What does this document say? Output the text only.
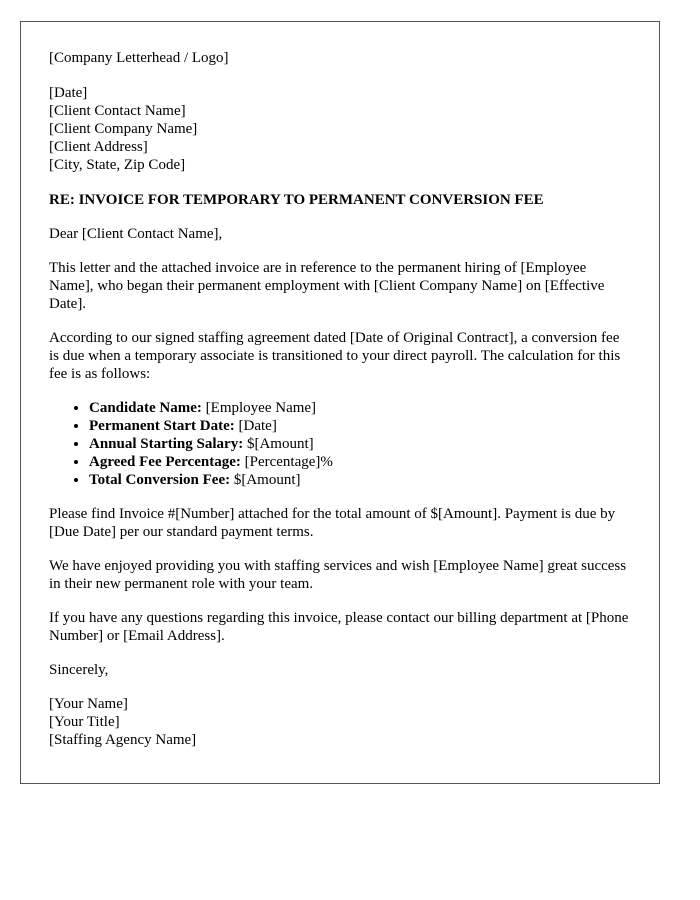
[Company Letterhead / Logo]

[Date]
[Client Contact Name]
[Client Company Name]
[Client Address]
[City, State, Zip Code]

RE: INVOICE FOR TEMPORARY TO PERMANENT CONVERSION FEE

Dear [Client Contact Name],

This letter and the attached invoice are in reference to the permanent hiring of [Employee Name], who began their permanent employment with [Client Company Name] on [Effective Date].

According to our signed staffing agreement dated [Date of Original Contract], a conversion fee is due when a temporary associate is transitioned to your direct payroll. The calculation for this fee is as follows:

• Candidate Name: [Employee Name]
• Permanent Start Date: [Date]
• Annual Starting Salary: $[Amount]
• Agreed Fee Percentage: [Percentage]%
• Total Conversion Fee: $[Amount]

Please find Invoice #[Number] attached for the total amount of $[Amount]. Payment is due by [Due Date] per our standard payment terms.

We have enjoyed providing you with staffing services and wish [Employee Name] great success in their new permanent role with your team.

If you have any questions regarding this invoice, please contact our billing department at [Phone Number] or [Email Address].

Sincerely,

[Your Name]
[Your Title]
[Staffing Agency Name]
